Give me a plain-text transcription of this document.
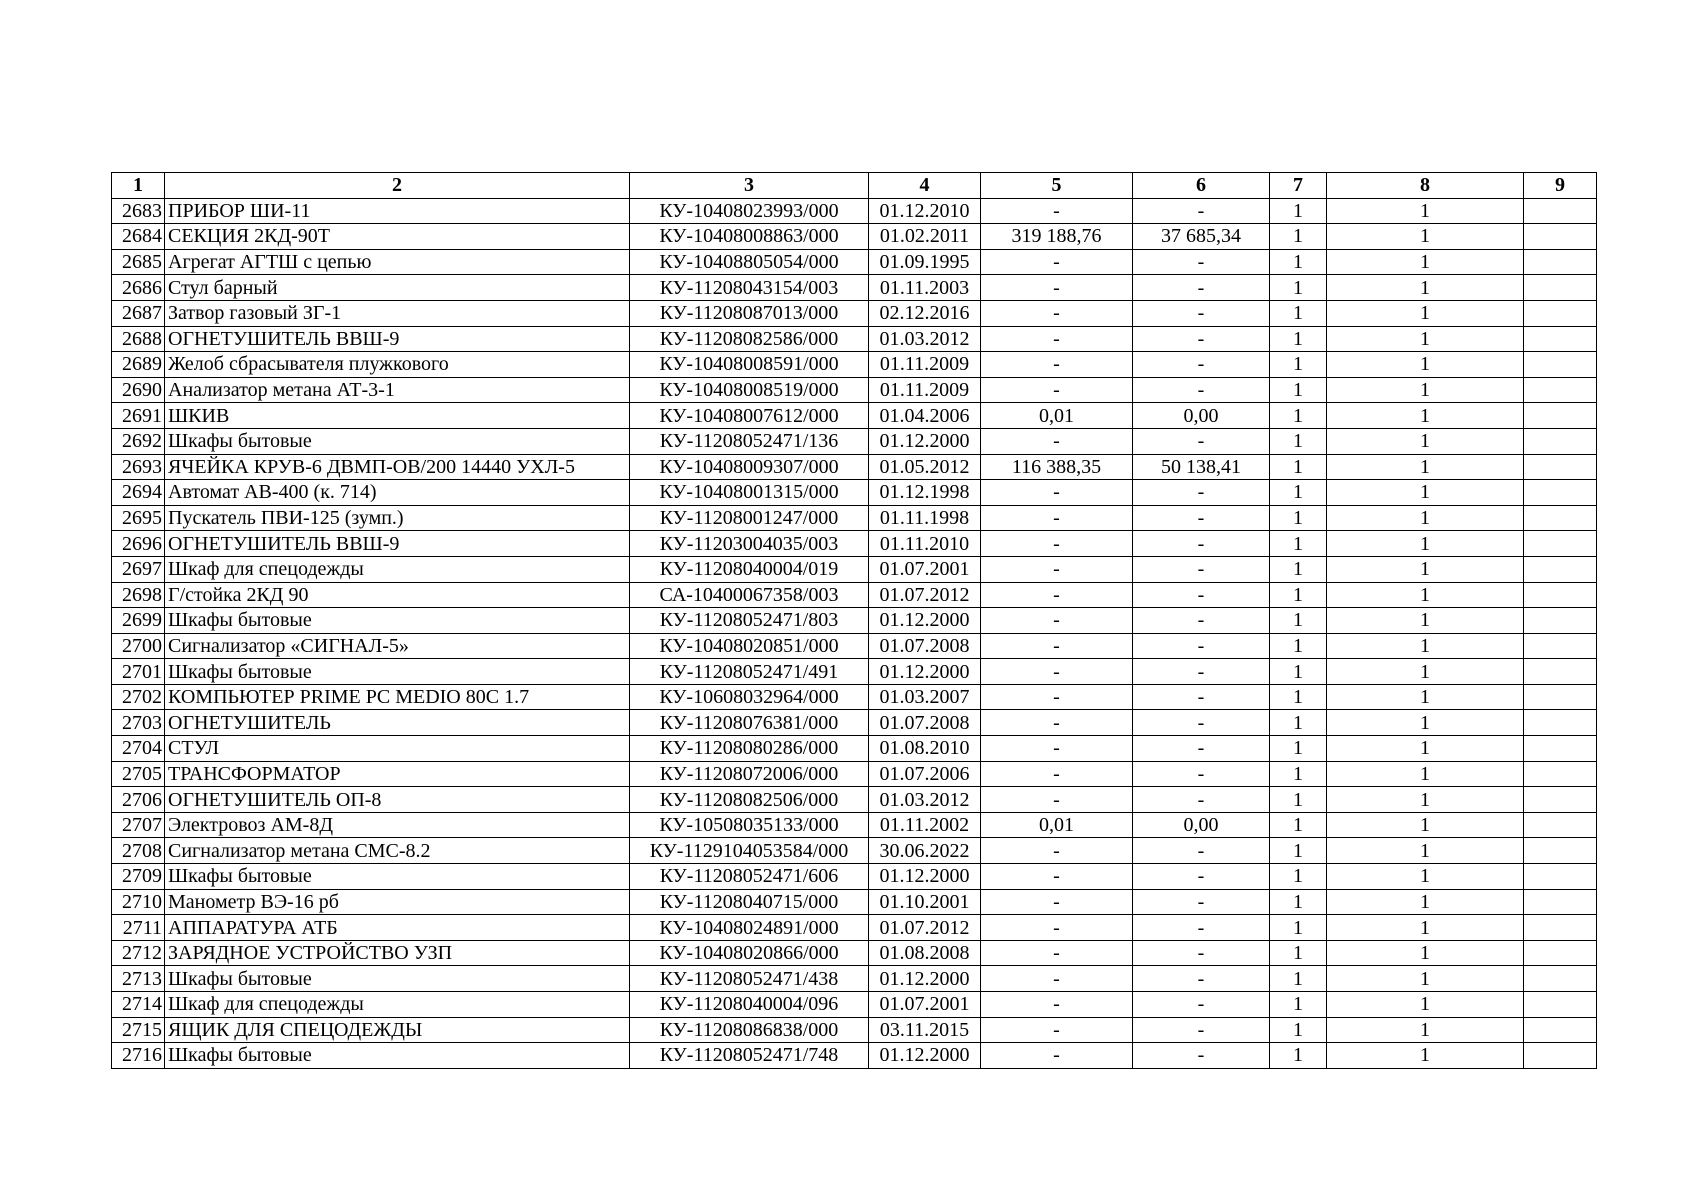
1	2	3	4	5	6	7	8	9
2683	ПРИБОР ШИ-11	КУ-10408023993/000	01.12.2010	-	-	1	1	
2684	СЕКЦИЯ 2КД-90Т	КУ-10408008863/000	01.02.2011	319 188,76	37 685,34	1	1	
2685	Агрегат АГТШ с цепью	КУ-10408805054/000	01.09.1995	-	-	1	1	
2686	Стул барный	КУ-11208043154/003	01.11.2003	-	-	1	1	
2687	Затвор газовый ЗГ-1	КУ-11208087013/000	02.12.2016	-	-	1	1	
2688	ОГНЕТУШИТЕЛЬ ВВШ-9	КУ-11208082586/000	01.03.2012	-	-	1	1	
2689	Желоб сбрасывателя плужкового	КУ-10408008591/000	01.11.2009	-	-	1	1	
2690	Анализатор метана АТ-3-1	КУ-10408008519/000	01.11.2009	-	-	1	1	
2691	ШКИВ	КУ-10408007612/000	01.04.2006	0,01	0,00	1	1	
2692	Шкафы бытовые	КУ-11208052471/136	01.12.2000	-	-	1	1	
2693	ЯЧЕЙКА КРУВ-6 ДВМП-ОВ/200 14440 УХЛ-5	КУ-10408009307/000	01.05.2012	116 388,35	50 138,41	1	1	
2694	Автомат АВ-400 (к. 714)	КУ-10408001315/000	01.12.1998	-	-	1	1	
2695	Пускатель ПВИ-125 (зумп.)	КУ-11208001247/000	01.11.1998	-	-	1	1	
2696	ОГНЕТУШИТЕЛЬ ВВШ-9	КУ-11203004035/003	01.11.2010	-	-	1	1	
2697	Шкаф для спецодежды	КУ-11208040004/019	01.07.2001	-	-	1	1	
2698	Г/стойка 2КД 90	СА-10400067358/003	01.07.2012	-	-	1	1	
2699	Шкафы бытовые	КУ-11208052471/803	01.12.2000	-	-	1	1	
2700	Сигнализатор «СИГНАЛ-5»	КУ-10408020851/000	01.07.2008	-	-	1	1	
2701	Шкафы бытовые	КУ-11208052471/491	01.12.2000	-	-	1	1	
2702	КОМПЬЮТЕР PRIME PC MEDIO 80C 1.7	КУ-10608032964/000	01.03.2007	-	-	1	1	
2703	ОГНЕТУШИТЕЛЬ	КУ-11208076381/000	01.07.2008	-	-	1	1	
2704	СТУЛ	КУ-11208080286/000	01.08.2010	-	-	1	1	
2705	ТРАНСФОРМАТОР	КУ-11208072006/000	01.07.2006	-	-	1	1	
2706	ОГНЕТУШИТЕЛЬ ОП-8	КУ-11208082506/000	01.03.2012	-	-	1	1	
2707	Электровоз АМ-8Д	КУ-10508035133/000	01.11.2002	0,01	0,00	1	1	
2708	Сигнализатор метана СМС-8.2	КУ-1129104053584/000	30.06.2022	-	-	1	1	
2709	Шкафы бытовые	КУ-11208052471/606	01.12.2000	-	-	1	1	
2710	Манометр ВЭ-16 рб	КУ-11208040715/000	01.10.2001	-	-	1	1	
2711	АППАРАТУРА АТБ	КУ-10408024891/000	01.07.2012	-	-	1	1	
2712	ЗАРЯДНОЕ УСТРОЙСТВО УЗП	КУ-10408020866/000	01.08.2008	-	-	1	1	
2713	Шкафы бытовые	КУ-11208052471/438	01.12.2000	-	-	1	1	
2714	Шкаф для спецодежды	КУ-11208040004/096	01.07.2001	-	-	1	1	
2715	ЯЩИК ДЛЯ СПЕЦОДЕЖДЫ	КУ-11208086838/000	03.11.2015	-	-	1	1	
2716	Шкафы бытовые	КУ-11208052471/748	01.12.2000	-	-	1	1	
